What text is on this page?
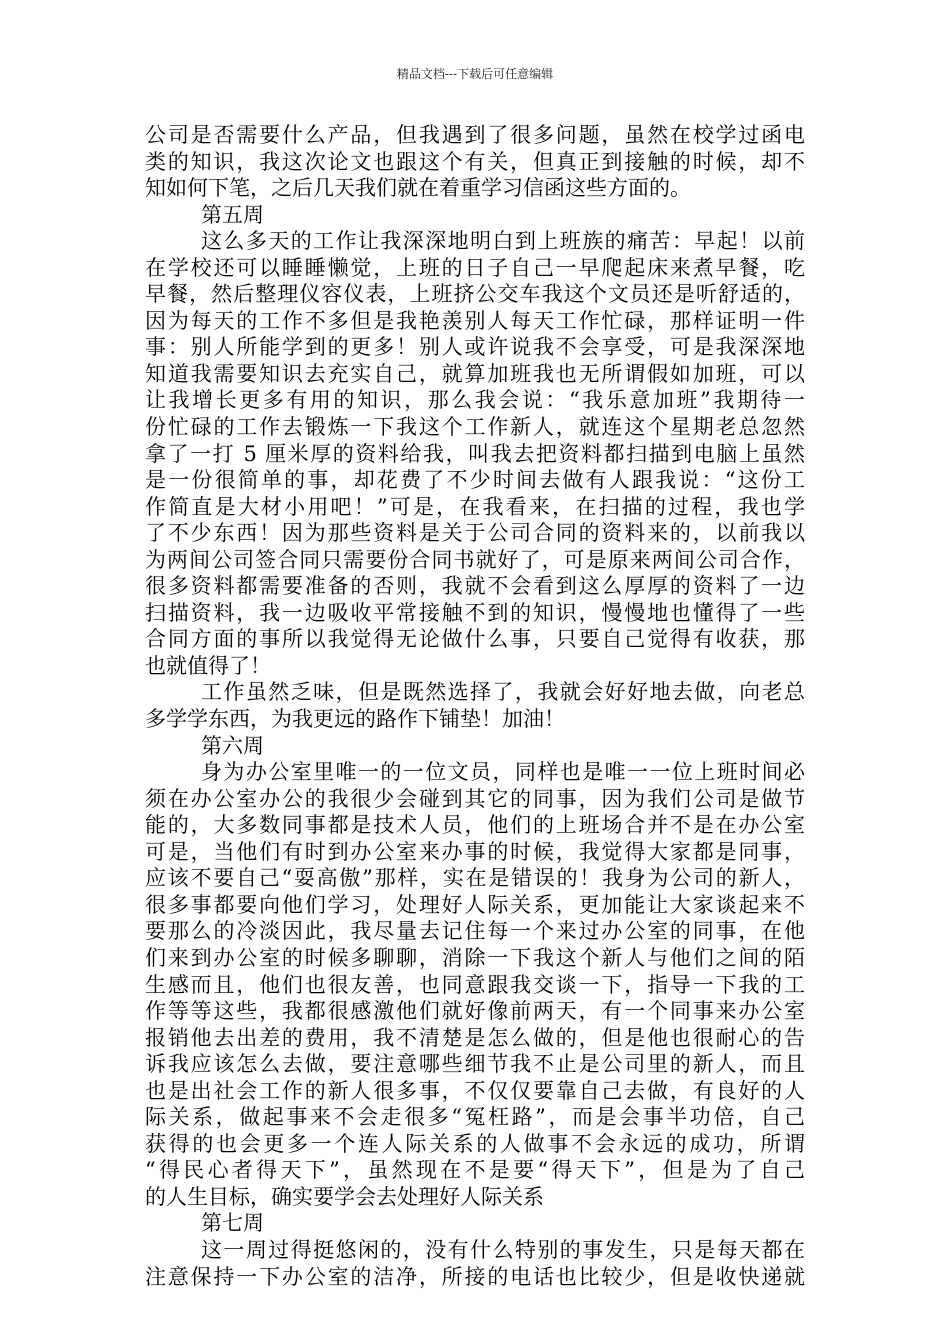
精品文档---下载后可任意编辑
公司是否需要什么产品，但我遇到了很多问题，虽然在校学过函电
类的知识，我这次论文也跟这个有关，但真正到接触的时候，却不
知如何下笔，之后几天我们就在着重学习信函这些方面的。
第五周
这么多天的工作让我深深地明白到上班族的痛苦：早起！以前
在学校还可以睡睡懒觉，上班的日子自己一早爬起床来煮早餐，吃
早餐，然后整理仪容仪表，上班挤公交车我这个文员还是听舒适的，
因为每天的工作不多但是我艳羡别人每天工作忙碌，那样证明一件
事：别人所能学到的更多！别人或许说我不会享受，可是我深深地
知道我需要知识去充实自己，就算加班我也无所谓假如加班，可以
让我增长更多有用的知识，那么我会说：“我乐意加班”我期待一
份忙碌的工作去锻炼一下我这个工作新人，就连这个星期老总忽然
拿了一打 5 厘米厚的资料给我，叫我去把资料都扫描到电脑上虽然
是一份很简单的事，却花费了不少时间去做有人跟我说：“这份工
作简直是大材小用吧！”可是，在我看来，在扫描的过程，我也学
了不少东西！因为那些资料是关于公司合同的资料来的，以前我以
为两间公司签合同只需要份合同书就好了，可是原来两间公司合作，
很多资料都需要准备的否则，我就不会看到这么厚厚的资料了一边
扫描资料，我一边吸收平常接触不到的知识，慢慢地也懂得了一些
合同方面的事所以我觉得无论做什么事，只要自己觉得有收获，那
也就值得了！
工作虽然乏味，但是既然选择了，我就会好好地去做，向老总
多学学东西，为我更远的路作下铺垫！加油！
第六周
身为办公室里唯一的一位文员，同样也是唯一一位上班时间必
须在办公室办公的我很少会碰到其它的同事，因为我们公司是做节
能的，大多数同事都是技术人员，他们的上班场合并不是在办公室
可是，当他们有时到办公室来办事的时候，我觉得大家都是同事，
应该不要自己“耍高傲”那样，实在是错误的！我身为公司的新人，
很多事都要向他们学习，处理好人际关系，更加能让大家谈起来不
要那么的冷淡因此，我尽量去记住每一个来过办公室的同事，在他
们来到办公室的时候多聊聊，消除一下我这个新人与他们之间的陌
生感而且，他们也很友善，也同意跟我交谈一下，指导一下我的工
作等等这些，我都很感激他们就好像前两天，有一个同事来办公室
报销他去出差的费用，我不清楚是怎么做的，但是他也很耐心的告
诉我应该怎么去做，要注意哪些细节我不止是公司里的新人，而且
也是出社会工作的新人很多事，不仅仅要靠自己去做，有良好的人
际关系，做起事来不会走很多“冤枉路”，而是会事半功倍，自己
获得的也会更多一个连人际关系的人做事不会永远的成功，所谓
“得民心者得天下”，虽然现在不是要“得天下”，但是为了自己
的人生目标，确实要学会去处理好人际关系
第七周
这一周过得挺悠闲的，没有什么特别的事发生，只是每天都在
注意保持一下办公室的洁净，所接的电话也比较少，但是收快递就
